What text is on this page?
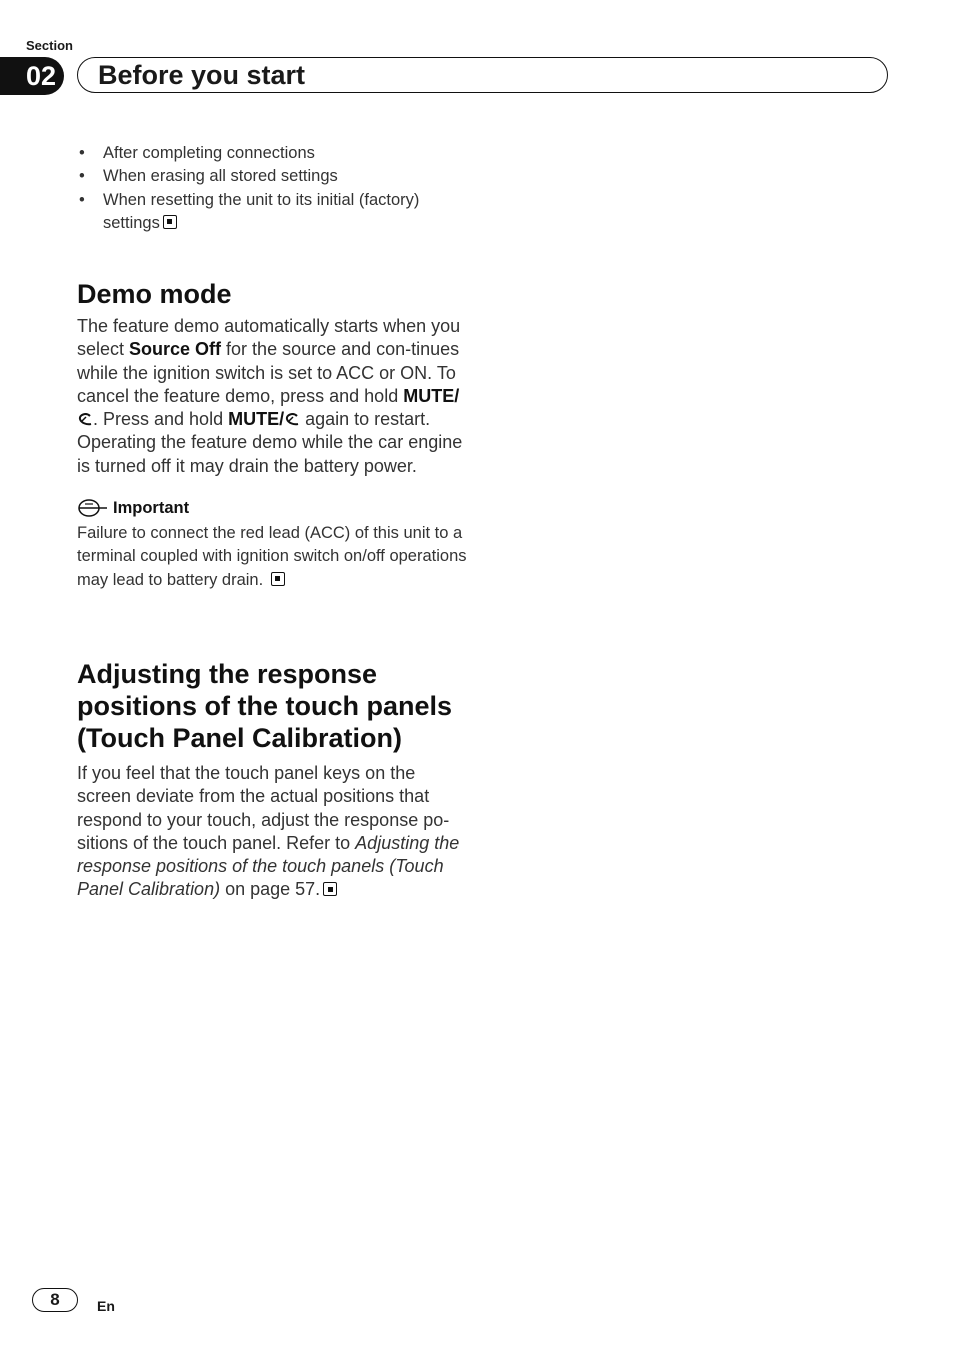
Section
02 Before you start
• After completing connections
• When erasing all stored settings
• When resetting the unit to its initial (factory)
settings
Demo mode

The feature demo automatically starts when you select Source Off for the source and con-tinues while the ignition switch is set to ACC or ON. To cancel the feature demo, press and hold MUTE/. Press and hold MUTE/ again to restart. Operating the feature demo while the car engine is turned off it may drain the battery power.

Important

Failure to connect the red lead (ACC) of this unit to a terminal coupled with ignition switch on/off operations may lead to battery drain.

Adjusting the response
positions of the touch panels
(Touch Panel Calibration)

If you feel that the touch panel keys on the screen deviate from the actual positions that respond to your touch, adjust the response po-sitions of the touch panel. Refer to Adjusting the response positions of the touch panels (Touch Panel Calibration) on page 57.

8	En
